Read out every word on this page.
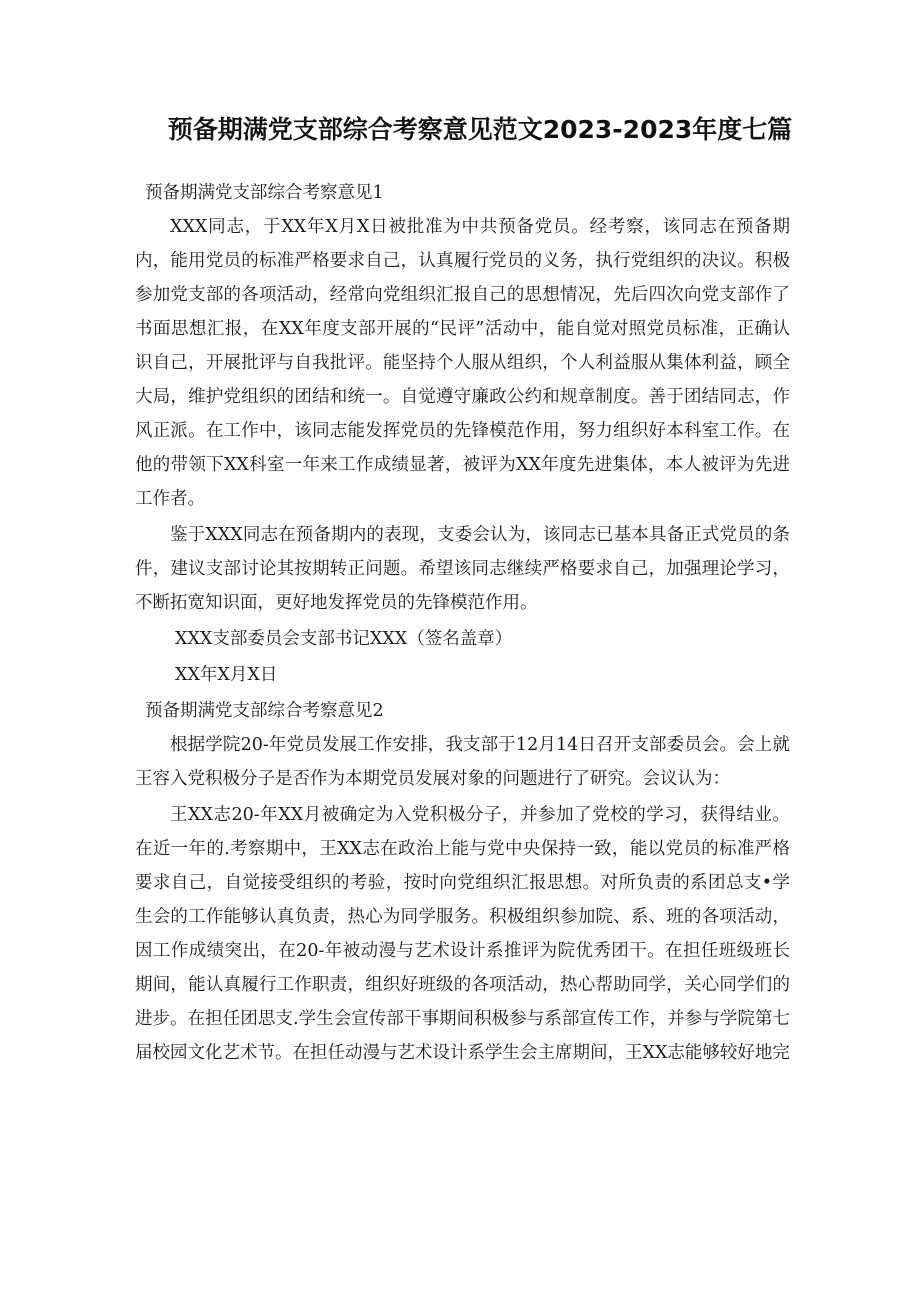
预备期满党支部综合考察意见范文2023-2023年度七篇
预备期满党支部综合考察意见1

XXX同志，于XX年X月X日被批准为中共预备党员。经考察，该同志在预备期内，能用党员的标准严格要求自己，认真履行党员的义务，执行党组织的决议。积极参加党支部的各项活动，经常向党组织汇报自己的思想情况，先后四次向党支部作了书面思想汇报，在XX年度支部开展的“民评”活动中，能自觉对照党员标准，正确认识自己，开展批评与自我批评。能坚持个人服从组织，个人利益服从集体利益，顾全大局，维护党组织的团结和统一。自觉遵守廉政公约和规章制度。善于团结同志，作风正派。在工作中，该同志能发挥党员的先锋模范作用，努力组织好本科室工作。在他的带领下XX科室一年来工作成绩显著，被评为XX年度先进集体，本人被评为先进工作者。

鉴于XXX同志在预备期内的表现，支委会认为，该同志已基本具备正式党员的条件，建议支部讨论其按期转正问题。希望该同志继续严格要求自己，加强理论学习，不断拓宽知识面，更好地发挥党员的先锋模范作用。

XXX支部委员会支部书记XXX（签名盖章）
XX年X月X日
预备期满党支部综合考察意见2

根据学院20-年党员发展工作安排，我支部于12月14日召开支部委员会。会上就王容入党积极分子是否作为本期党员发展对象的问题进行了研究。会议认为：

王XX志20-年XX月被确定为入党积极分子，并参加了党校的学习，获得结业。在近一年的.考察期中，王XX志在政治上能与党中央保持一致，能以党员的标准严格要求自己，自觉接受组织的考验，按时向党组织汇报思想。对所负责的系团总支•学生会的工作能够认真负责，热心为同学服务。积极组织参加院、系、班的各项活动，因工作成绩突出，在20-年被动漫与艺术设计系推评为院优秀团干。在担任班级班长期间，能认真履行工作职责，组织好班级的各项活动，热心帮助同学，关心同学们的进步。在担任团思支.学生会宣传部干事期间积极参与系部宣传工作，并参与学院第七届校园文化艺术节。在担任动漫与艺术设计系学生会主席期间，王XX志能够较好地完
